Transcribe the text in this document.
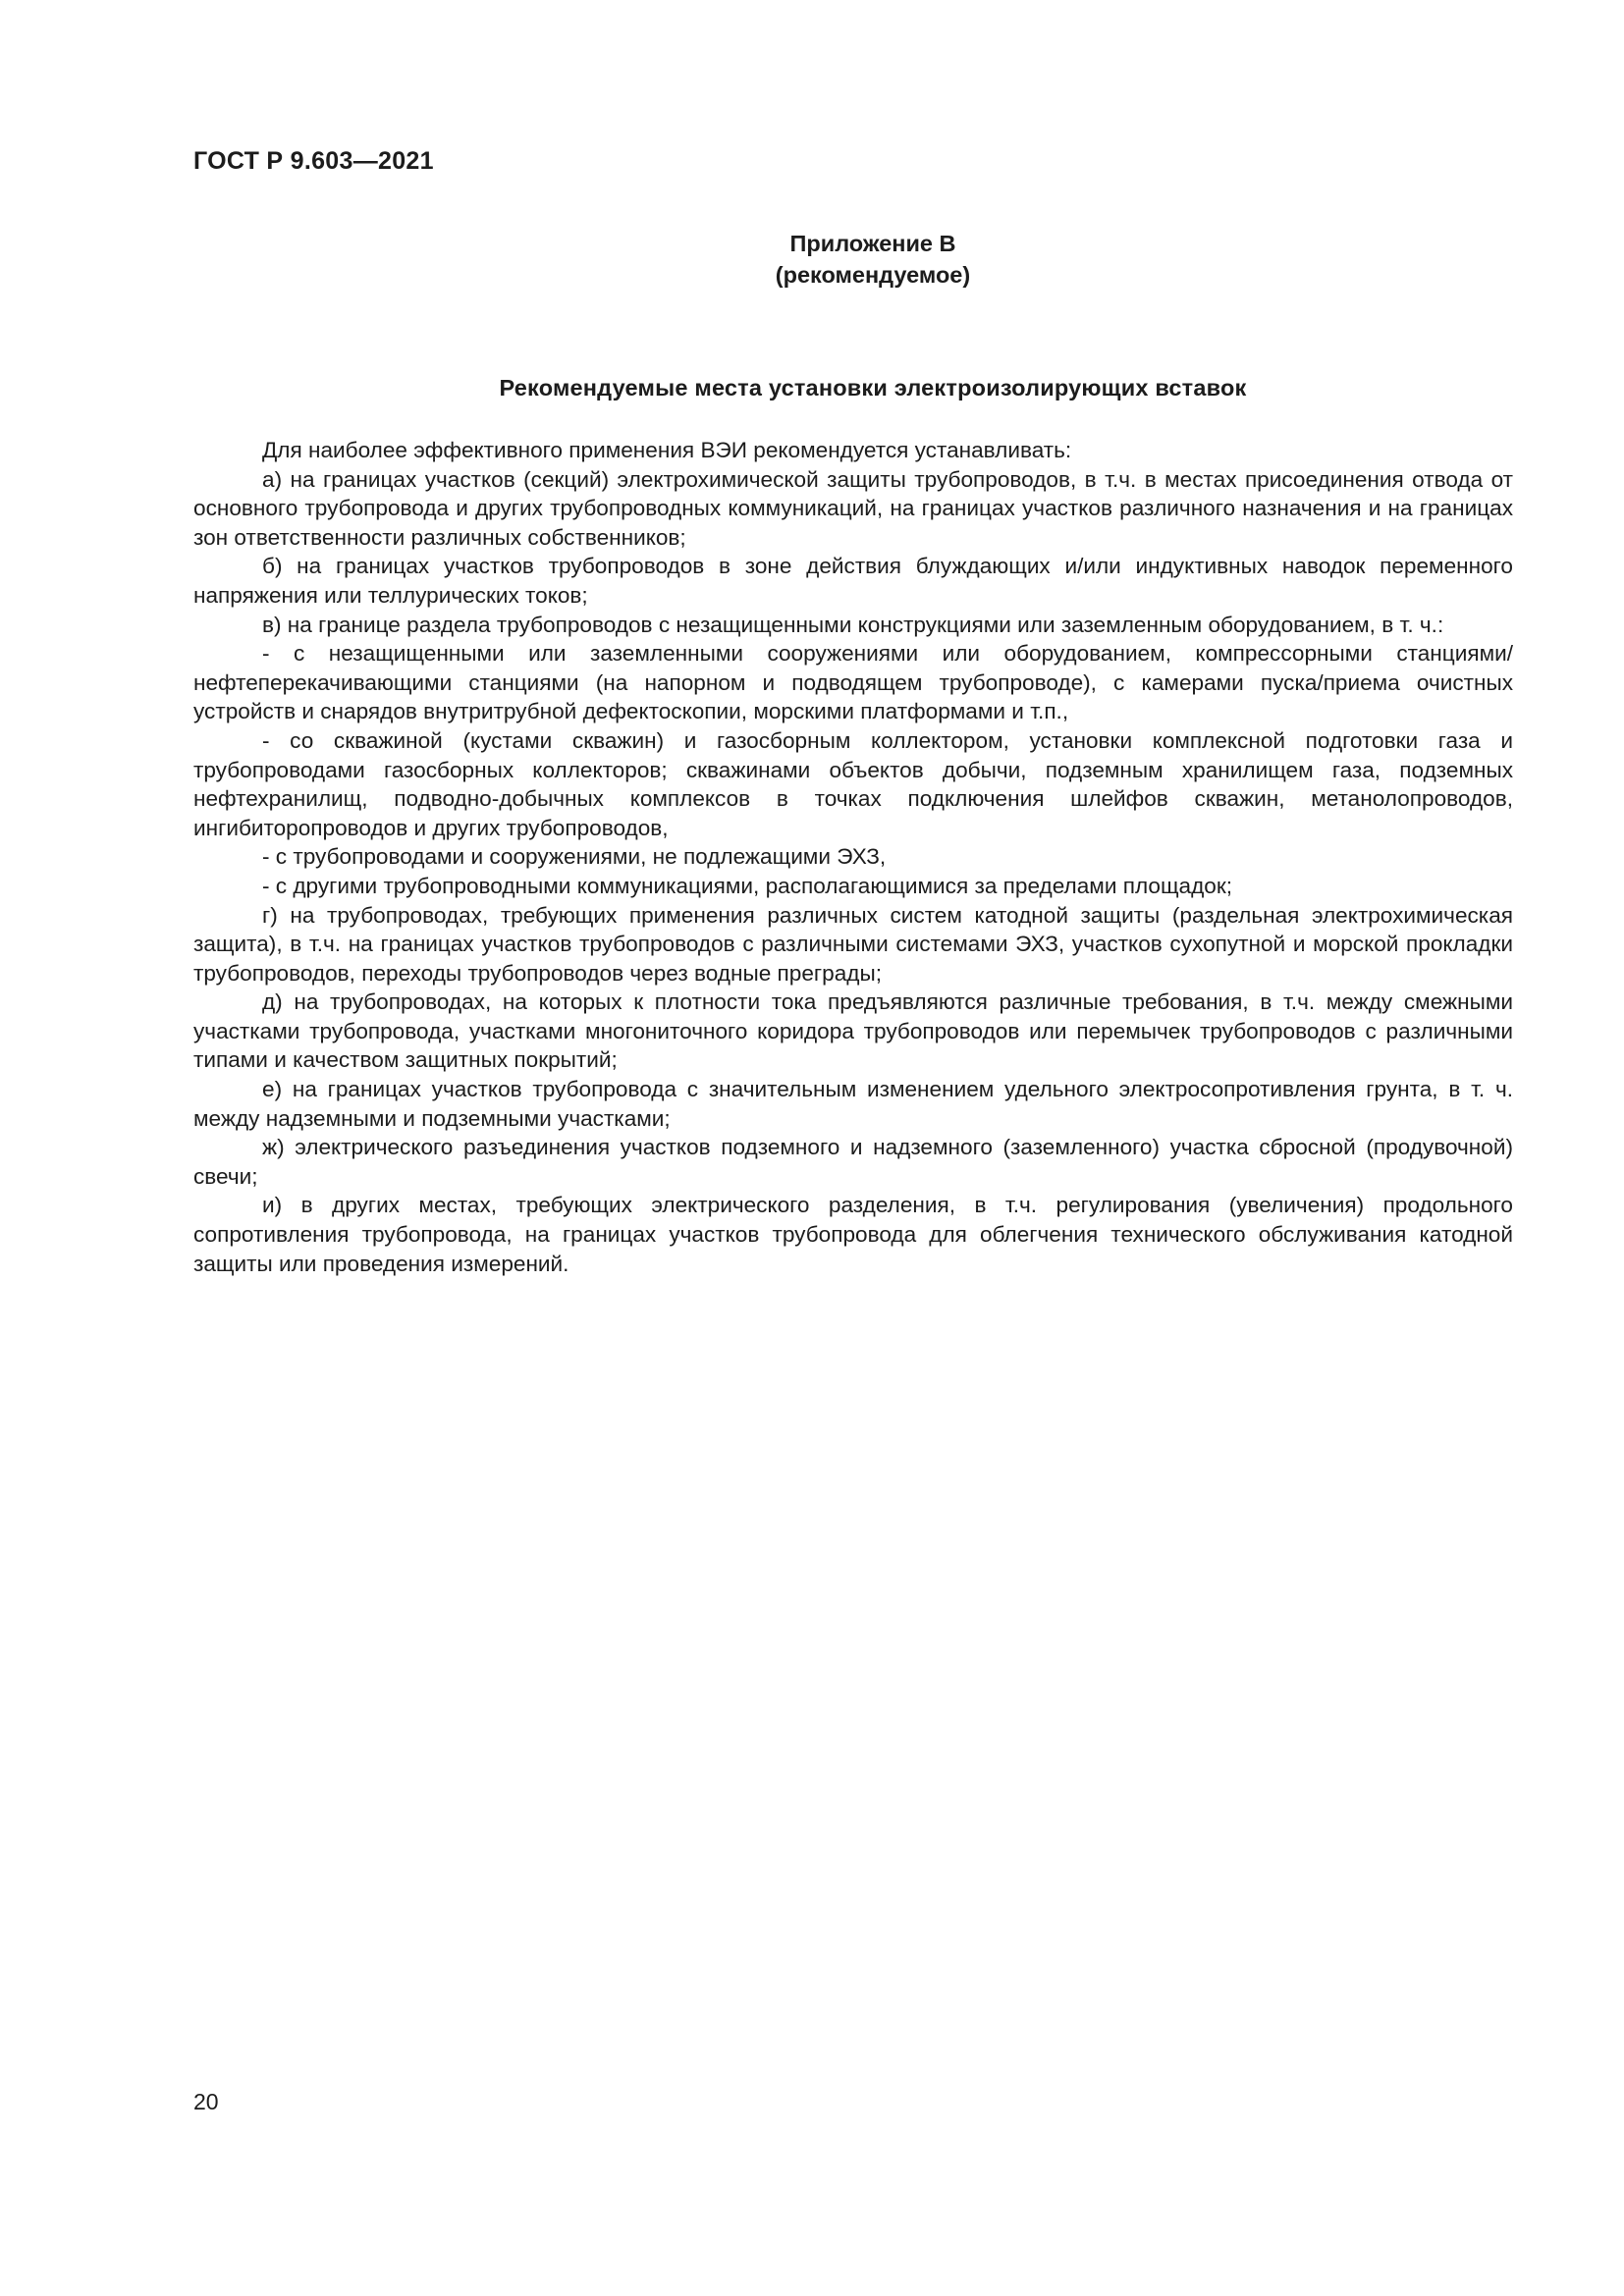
ГОСТ Р 9.603—2021
Приложение В
(рекомендуемое)
Рекомендуемые места установки электроизолирующих вставок

Для наиболее эффективного применения ВЭИ рекомендуется устанавливать:

а) на границах участков (секций) электрохимической защиты трубопроводов, в т.ч. в местах присоединения отвода от основного трубопровода и других трубопроводных коммуникаций, на границах участков различного назначения и на границах зон ответственности различных собственников;

б) на границах участков трубопроводов в зоне действия блуждающих и/или индуктивных наводок переменного напряжения или теллурических токов;

в) на границе раздела трубопроводов с незащищенными конструкциями или заземленным оборудованием, в т. ч.:

- с незащищенными или заземленными сооружениями или оборудованием, компрессорными станциями/нефтеперекачивающими станциями (на напорном и подводящем трубопроводе), с камерами пуска/приема очистных устройств и снарядов внутритрубной дефектоскопии, морскими платформами и т.п.,

- со скважиной (кустами скважин) и газосборным коллектором, установки комплексной подготовки газа и трубопроводами газосборных коллекторов; скважинами объектов добычи, подземным хранилищем газа, подземных нефтехранилищ, подводно-добычных комплексов в точках подключения шлейфов скважин, метанолопроводов, ингибиторопроводов и других трубопроводов,

- с трубопроводами и сооружениями, не подлежащими ЭХЗ,

- с другими трубопроводными коммуникациями, располагающимися за пределами площадок;

г) на трубопроводах, требующих применения различных систем катодной защиты (раздельная электрохимическая защита), в т.ч. на границах участков трубопроводов с различными системами ЭХЗ, участков сухопутной и морской прокладки трубопроводов, переходы трубопроводов через водные преграды;

д) на трубопроводах, на которых к плотности тока предъявляются различные требования, в т.ч. между смежными участками трубопровода, участками многониточного коридора трубопроводов или перемычек трубопроводов с различными типами и качеством защитных покрытий;

е) на границах участков трубопровода с значительным изменением удельного электросопротивления грунта, в т. ч. между надземными и подземными участками;

ж) электрического разъединения участков подземного и надземного (заземленного) участка сбросной (продувочной) свечи;

и) в других местах, требующих электрического разделения, в т.ч. регулирования (увеличения) продольного сопротивления трубопровода, на границах участков трубопровода для облегчения технического обслуживания катодной защиты или проведения измерений.

20
